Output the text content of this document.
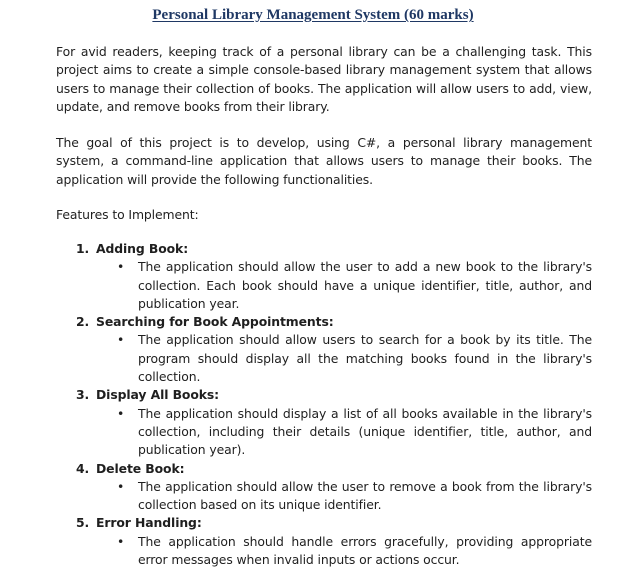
Personal Library Management System (60 marks)

For avid readers, keeping track of a personal library can be a challenging task. This project aims to create a simple console-based library management system that allows users to manage their collection of books. The application will allow users to add, view, update, and remove books from their library.

The goal of this project is to develop, using C#, a personal library management system, a command-line application that allows users to manage their books. The application will provide the following functionalities.

Features to Implement:

1. Adding Book:
• The application should allow the user to add a new book to the library's collection. Each book should have a unique identifier, title, author, and publication year.
2. Searching for Book Appointments:
• The application should allow users to search for a book by its title. The program should display all the matching books found in the library's collection.
3. Display All Books:
• The application should display a list of all books available in the library's collection, including their details (unique identifier, title, author, and publication year).
4. Delete Book:
• The application should allow the user to remove a book from the library's collection based on its unique identifier.
5. Error Handling:
• The application should handle errors gracefully, providing appropriate error messages when invalid inputs or actions occur.
